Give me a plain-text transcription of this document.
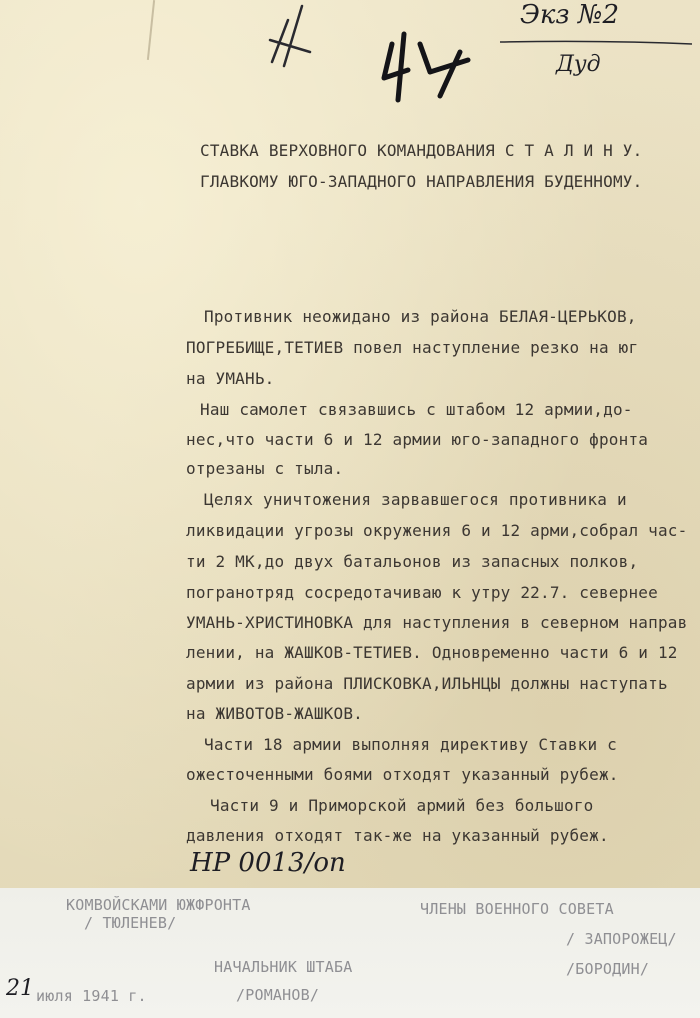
Экз №2
Дуд
СТАВКА ВЕРХОВНОГО КОМАНДОВАНИЯ С Т А Л И Н У.
ГЛАВКОМУ ЮГО-ЗАПАДНОГО НАПРАВЛЕНИЯ БУДЕННОМУ.
Противник неожидано из района БЕЛАЯ-ЦЕРЬКОВ,
ПОГРЕБИЩЕ,ТЕТИЕВ повел наступление резко на юг
на УМАНЬ.
Наш самолет связавшись с штабом 12 армии,до-
нес,что части 6 и 12 армии юго-западного фронта
отрезаны с тыла.
Целях уничтожения зарвавшегося противника и
ликвидации угрозы окружения 6 и 12 арми,собрал час-
ти 2 МК,до двух батальонов из запасных полков,
погранотряд сосредотачиваю к утру 22.7. севернее
УМАНЬ-ХРИСТИНОВКА для наступления в северном направ
лении, на ЖАШКОВ-ТЕТИЕВ. Одновременно части 6 и 12
армии из района ПЛИСКОВКА,ИЛЬНЦЫ должны наступать
на ЖИВОТОВ-ЖАШКОВ.
Части 18 армии выполняя директиву Ставки с
ожесточенными боями отходят указанный рубеж.
Части 9 и Приморской армий без большого
давления отходят так-же на указанный рубеж.
НР 0013/оп
КОМВОЙСКАМИ ЮЖФРОНТА
/ ТЮЛЕНЕВ/
ЧЛЕНЫ ВОЕННОГО СОВЕТА
/ ЗАПОРОЖЕЦ/
/БОРОДИН/
НАЧАЛЬНИК ШТАБА
/РОМАНОВ/
21 июля 1941 г.
